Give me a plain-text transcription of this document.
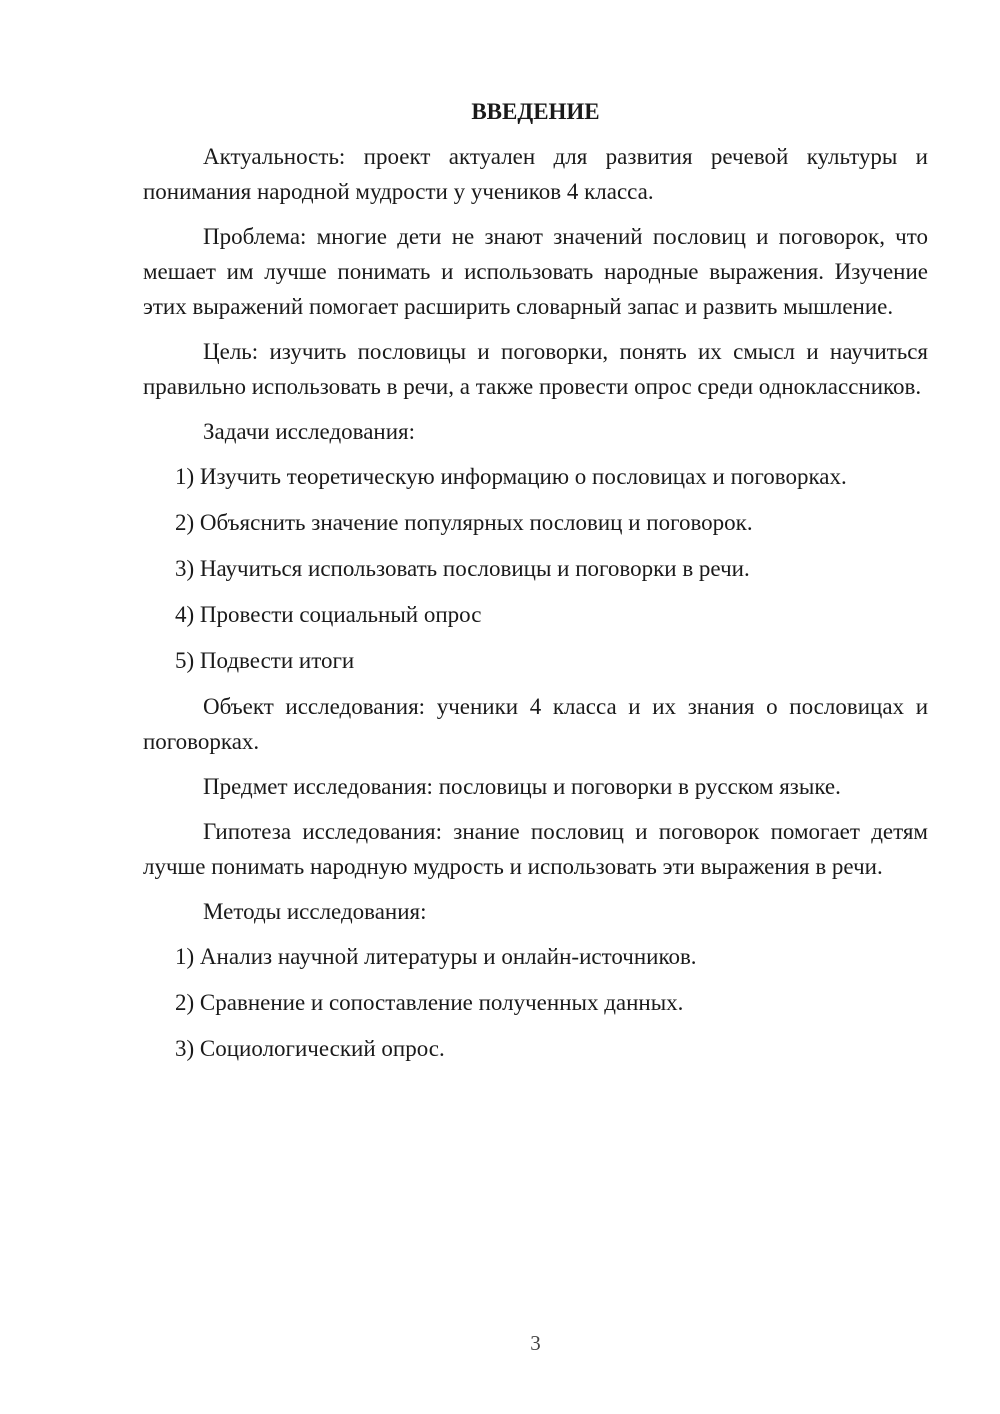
ВВЕДЕНИЕ

Актуальность: проект актуален для развития речевой культуры и понимания народной мудрости у учеников 4 класса.

Проблема: многие дети не знают значений пословиц и поговорок, что мешает им лучше понимать и использовать народные выражения. Изучение этих выражений помогает расширить словарный запас и развить мышление.

Цель: изучить пословицы и поговорки, понять их смысл и научиться правильно использовать в речи, а также провести опрос среди одноклассников.

Задачи исследования:

1) Изучить теоретическую информацию о пословицах и поговорках.
2) Объяснить значение популярных пословиц и поговорок.
3) Научиться использовать пословицы и поговорки в речи.
4) Провести социальный опрос
5) Подвести итоги

Объект исследования: ученики 4 класса и их знания о пословицах и поговорках.

Предмет исследования: пословицы и поговорки в русском языке.

Гипотеза исследования: знание пословиц и поговорок помогает детям лучше понимать народную мудрость и использовать эти выражения в речи.

Методы исследования:

1) Анализ научной литературы и онлайн-источников.
2) Сравнение и сопоставление полученных данных.
3) Социологический опрос.
3
